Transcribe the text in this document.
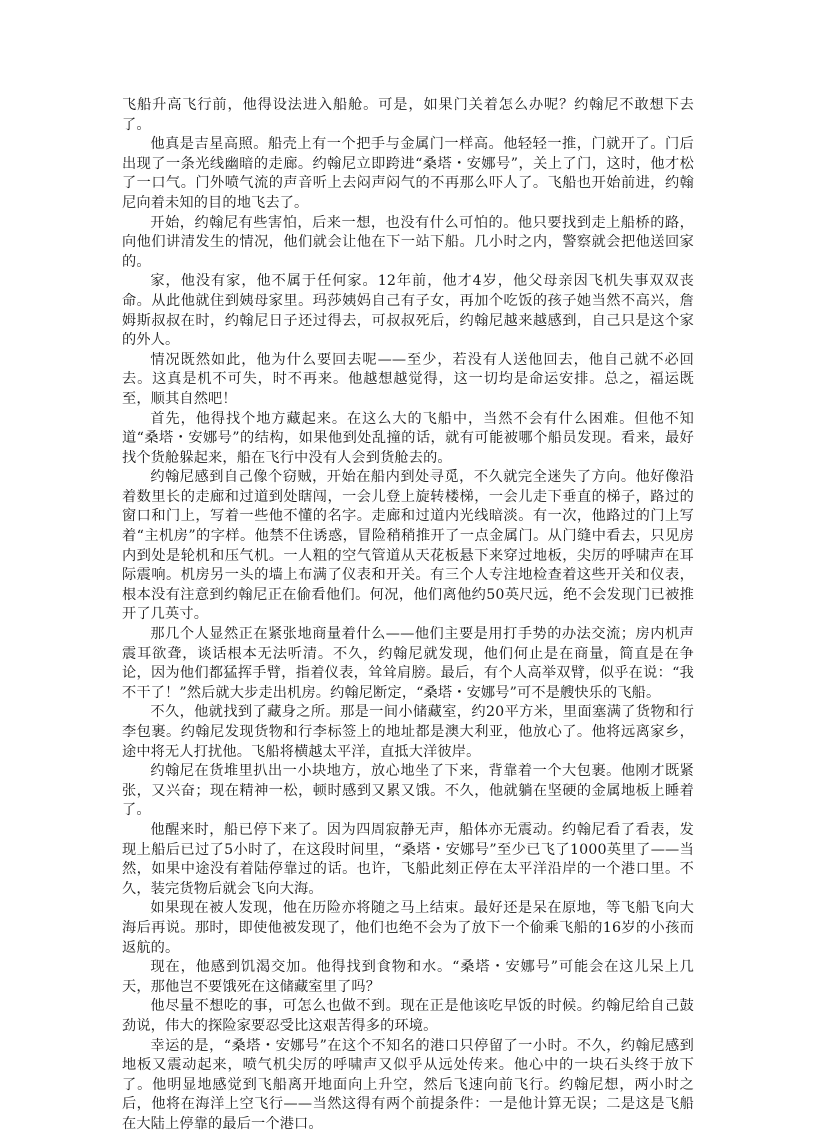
飞船升高飞行前，他得设法进入船舱。可是，如果门关着怎么办呢？约翰尼不敢想下去了。

他真是吉星高照。船壳上有一个把手与金属门一样高。他轻轻一推，门就开了。门后出现了一条光线幽暗的走廊。约翰尼立即跨进“桑塔・安娜号”，关上了门，这时，他才松了一口气。门外喷气流的声音听上去闷声闷气的不再那么吓人了。飞船也开始前进，约翰尼向着未知的目的地飞去了。

开始，约翰尼有些害怕，后来一想，也没有什么可怕的。他只要找到走上船桥的路，向他们讲清发生的情况，他们就会让他在下一站下船。几小时之内，警察就会把他送回家的。

家，他没有家，他不属于任何家。12年前，他才4岁，他父母亲因飞机失事双双丧命。从此他就住到姨母家里。玛莎姨妈自己有子女，再加个吃饭的孩子她当然不高兴，詹姆斯叔叔在时，约翰尼日子还过得去，可叔叔死后，约翰尼越来越感到，自己只是这个家的外人。

情况既然如此，他为什么要回去呢——至少，若没有人送他回去，他自己就不必回去。这真是机不可失，时不再来。他越想越觉得，这一切均是命运安排。总之，福运既至，顺其自然吧！

首先，他得找个地方藏起来。在这么大的飞船中，当然不会有什么困难。但他不知道“桑塔・安娜号”的结构，如果他到处乱撞的话，就有可能被哪个船员发现。看来，最好找个货舱躲起来，船在飞行中没有人会到货舱去的。

约翰尼感到自己像个窃贼，开始在船内到处寻觅，不久就完全迷失了方向。他好像沿着数里长的走廊和过道到处瞎闯，一会儿登上旋转楼梯，一会儿走下垂直的梯子，路过的窗口和门上，写着一些他不懂的名字。走廊和过道内光线暗淡。有一次，他路过的门上写着“主机房”的字样。他禁不住诱惑，冒险稍稍推开了一点金属门。从门缝中看去，只见房内到处是轮机和压气机。一人粗的空气管道从天花板悬下来穿过地板，尖厉的呼啸声在耳际震响。机房另一头的墙上布满了仪表和开关。有三个人专注地检查着这些开关和仪表，根本没有注意到约翰尼正在偷看他们。何况，他们离他约50英尺远，绝不会发现门已被推开了几英寸。

那几个人显然正在紧张地商量着什么——他们主要是用打手势的办法交流；房内机声震耳欲聋，谈话根本无法听清。不久，约翰尼就发现，他们何止是在商量，简直是在争论，因为他们都猛挥手臂，指着仪表，耸耸肩膀。最后，有个人高举双臂，似乎在说：“我不干了！”然后就大步走出机房。约翰尼断定，“桑塔・安娜号”可不是艘快乐的飞船。

不久，他就找到了藏身之所。那是一间小储藏室，约20平方米，里面塞满了货物和行李包裹。约翰尼发现货物和行李标签上的地址都是澳大利亚，他放心了。他将远离家乡，途中将无人打扰他。飞船将横越太平洋，直抵大洋彼岸。

约翰尼在货堆里扒出一小块地方，放心地坐了下来，背靠着一个大包裹。他刚才既紧张，又兴奋；现在精神一松，顿时感到又累又饿。不久，他就躺在坚硬的金属地板上睡着了。

他醒来时，船已停下来了。因为四周寂静无声，船体亦无震动。约翰尼看了看表，发现上船后已过了5小时了，在这段时间里，“桑塔・安娜号”至少已飞了1000英里了——当然，如果中途没有着陆停靠过的话。也许，飞船此刻正停在太平洋沿岸的一个港口里。不久，装完货物后就会飞向大海。

如果现在被人发现，他在历险亦将随之马上结束。最好还是呆在原地，等飞船飞向大海后再说。那时，即使他被发现了，他们也绝不会为了放下一个偷乘飞船的16岁的小孩而返航的。

现在，他感到饥渴交加。他得找到食物和水。“桑塔・安娜号”可能会在这儿呆上几天，那他岂不要饿死在这储藏室里了吗？

他尽量不想吃的事，可怎么也做不到。现在正是他该吃早饭的时候。约翰尼给自己鼓劲说，伟大的探险家要忍受比这艰苦得多的环境。

幸运的是，“桑塔・安娜号”在这个不知名的港口只停留了一小时。不久，约翰尼感到地板又震动起来，喷气机尖厉的呼啸声又似乎从远处传来。他心中的一块石头终于放下了。他明显地感觉到飞船离开地面向上升空，然后飞速向前飞行。约翰尼想，两小时之后，他将在海洋上空飞行——当然这得有两个前提条件：一是他计算无误；二是这是飞船在大陆上停靠的最后一个港口。
